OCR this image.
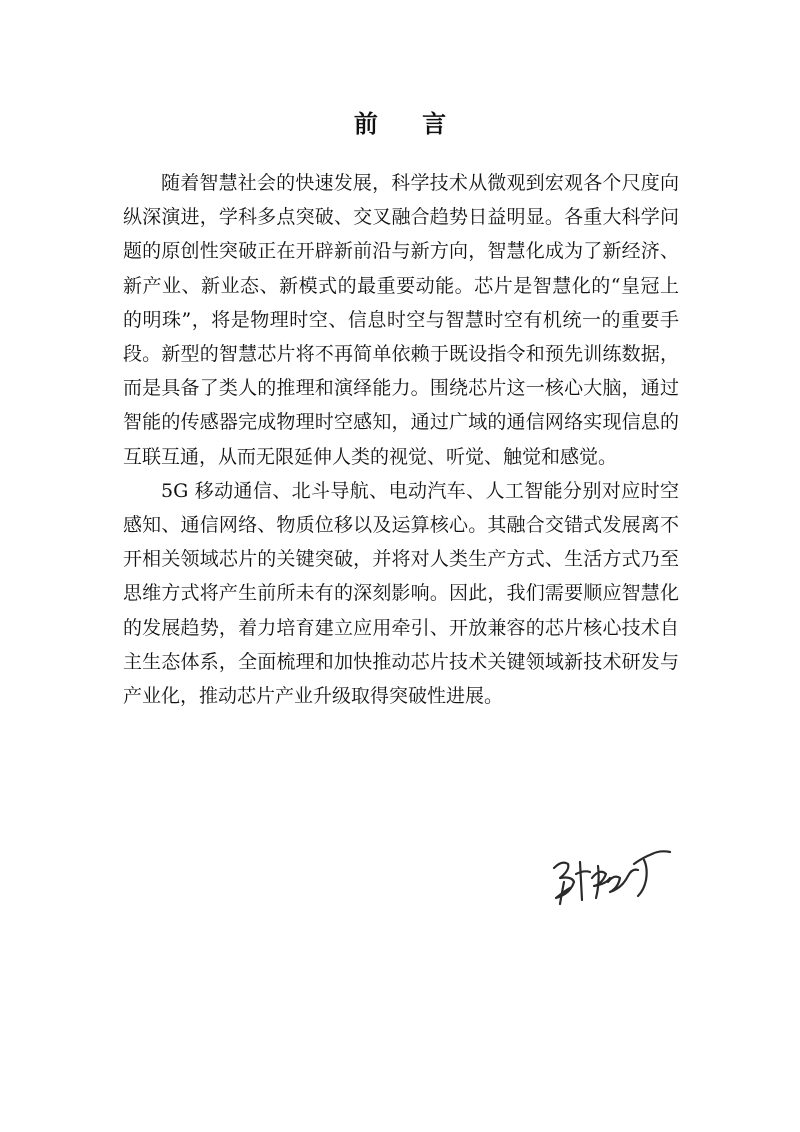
前 言

随着智慧社会的快速发展，科学技术从微观到宏观各个尺度向纵深演进，学科多点突破、交叉融合趋势日益明显。各重大科学问题的原创性突破正在开辟新前沿与新方向，智慧化成为了新经济、新产业、新业态、新模式的最重要动能。芯片是智慧化的“皇冠上的明珠”，将是物理时空、信息时空与智慧时空有机统一的重要手段。新型的智慧芯片将不再简单依赖于既设指令和预先训练数据，而是具备了类人的推理和演绎能力。围绕芯片这一核心大脑，通过智能的传感器完成物理时空感知，通过广域的通信网络实现信息的互联互通，从而无限延伸人类的视觉、听觉、触觉和感觉。

5G 移动通信、北斗导航、电动汽车、人工智能分别对应时空感知、通信网络、物质位移以及运算核心。其融合交错式发展离不开相关领域芯片的关键突破，并将对人类生产方式、生活方式乃至思维方式将产生前所未有的深刻影响。因此，我们需要顺应智慧化的发展趋势，着力培育建立应用牵引、开放兼容的芯片核心技术自主生态体系，全面梳理和加快推动芯片技术关键领域新技术研发与产业化，推动芯片产业升级取得突破性进展。
